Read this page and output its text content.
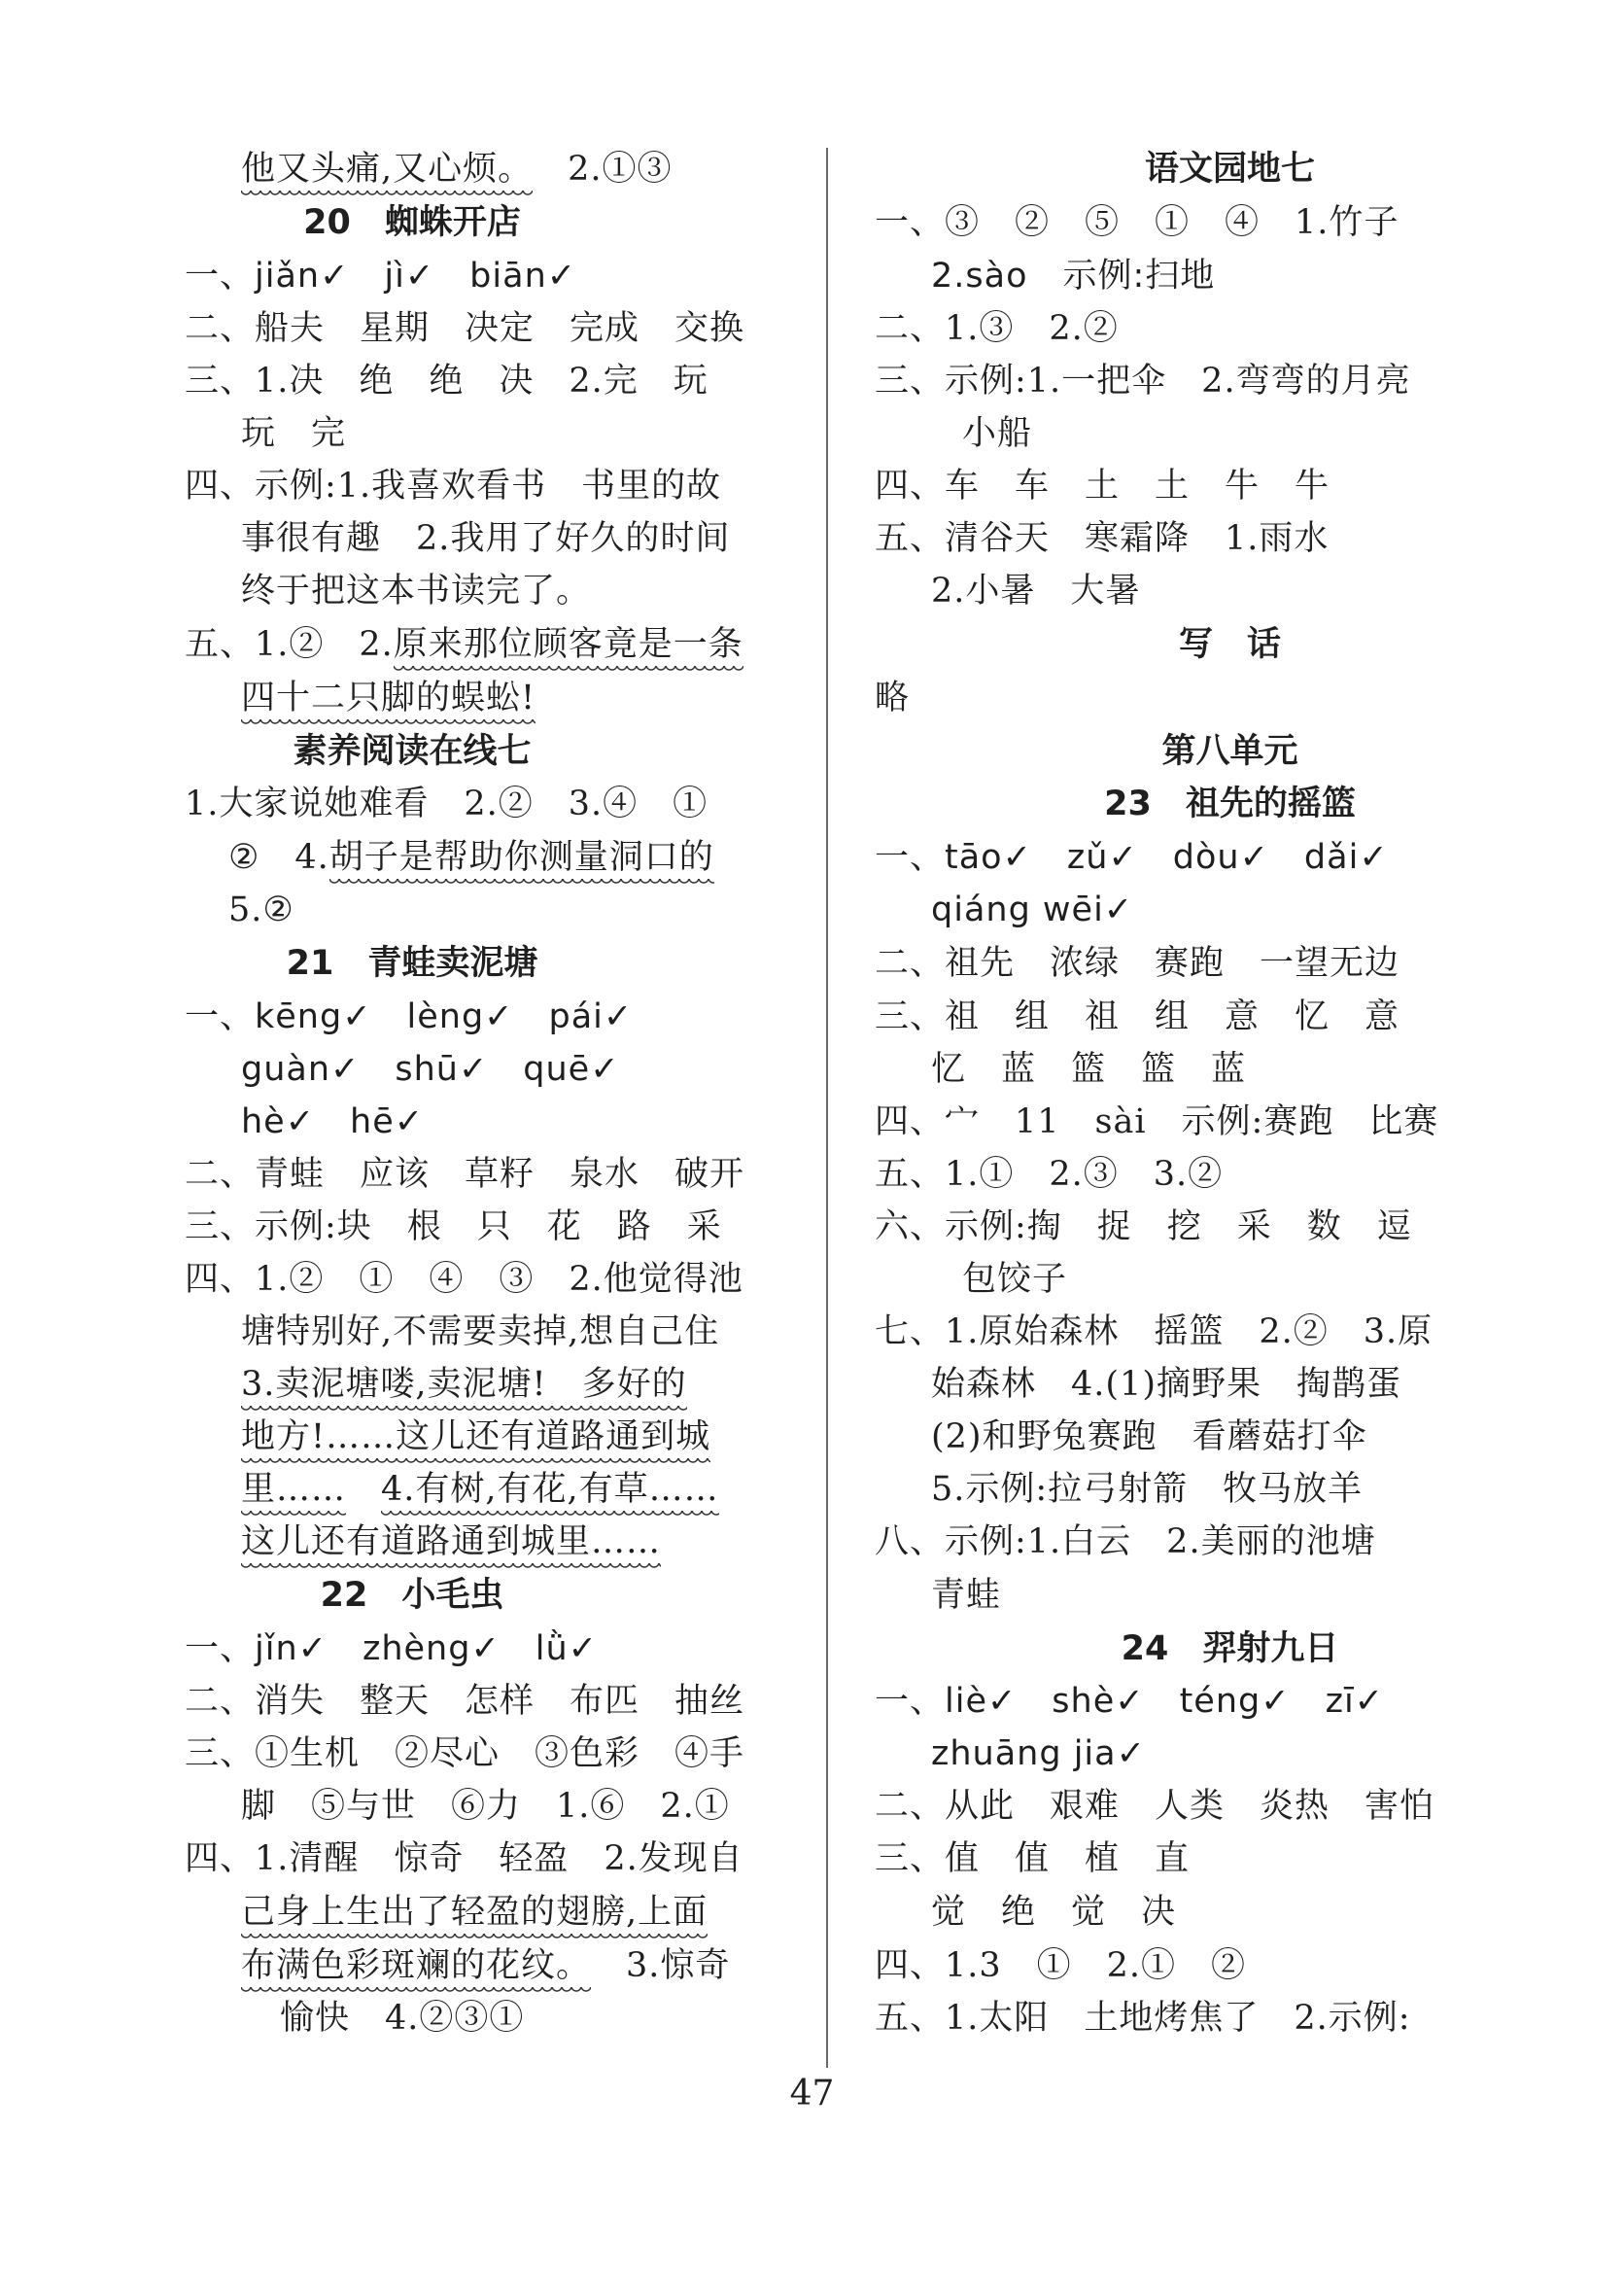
他又头痛,又心烦。　 2.①③
20　蜘蛛开店
一、jiǎn✓　jì✓　biān✓
二、船夫　星期　决定　完成　交换
三、1.决　绝　绝　决　2.完　玩
玩　完
四、示例:1.我喜欢看书　书里的故
事很有趣　2.我用了好久的时间
终于把这本书读完了。
五、1.②　2.原来那位顾客竟是一条
四十二只脚的蜈蚣!
素养阅读在线七
1.大家说她难看　2.②　3.④　①
②　4.胡子是帮助你测量洞口的
5.②
21　青蛙卖泥塘
一、kēng✓　lèng✓　pái✓
guàn✓　shū✓　quē✓
hè✓　hē✓
二、青蛙　应该　草籽　泉水　破开
三、示例:块　根　只　花　路　采
四、1.②　①　④　③　2.他觉得池
塘特别好,不需要卖掉,想自己住
3.卖泥塘喽,卖泥塘!　多好的
地方!……这儿还有道路通到城
里……　 4.有树,有花,有草……
这儿还有道路通到城里……
22　小毛虫
一、jǐn✓　zhèng✓　lǜ✓
二、消失　整天　怎样　布匹　抽丝
三、①生机　②尽心　③色彩　④手
脚　⑤与世　⑥力　1.⑥　2.①
四、1.清醒　惊奇　轻盈　2.发现自
己身上生出了轻盈的翅膀,上面
布满色彩斑斓的花纹。　 3.惊奇
愉快　4.②③①
语文园地七
一、③　②　⑤　①　④　1.竹子
2.sào　示例:扫地
二、1.③　2.②
三、示例:1.一把伞　2.弯弯的月亮
小船
四、车　车　土　土　牛　牛
五、清谷天　寒霜降　1.雨水
2.小暑　大暑
写　话
略
第八单元
23　祖先的摇篮
一、tāo✓　zǔ✓　dòu✓　dǎi✓
qiáng wēi✓
二、祖先　浓绿　赛跑　一望无边
三、祖　组　祖　组　意　忆　意
忆　蓝　篮　篮　蓝
四、宀　11　sài　示例:赛跑　比赛
五、1.①　2.③　3.②
六、示例:掏　捉　挖　采　数　逗
包饺子
七、1.原始森林　摇篮　2.②　3.原
始森林　4.(1)摘野果　掏鹊蛋
(2)和野兔赛跑　看蘑菇打伞
5.示例:拉弓射箭　牧马放羊
八、示例:1.白云　2.美丽的池塘
青蛙
24　羿射九日
一、liè✓　shè✓　téng✓　zī✓
zhuāng jia✓
二、从此　艰难　人类　炎热　害怕
三、值　值　植　直
觉　绝　觉　决
四、1.3　①　2.①　②
五、1.太阳　土地烤焦了　2.示例:
47
